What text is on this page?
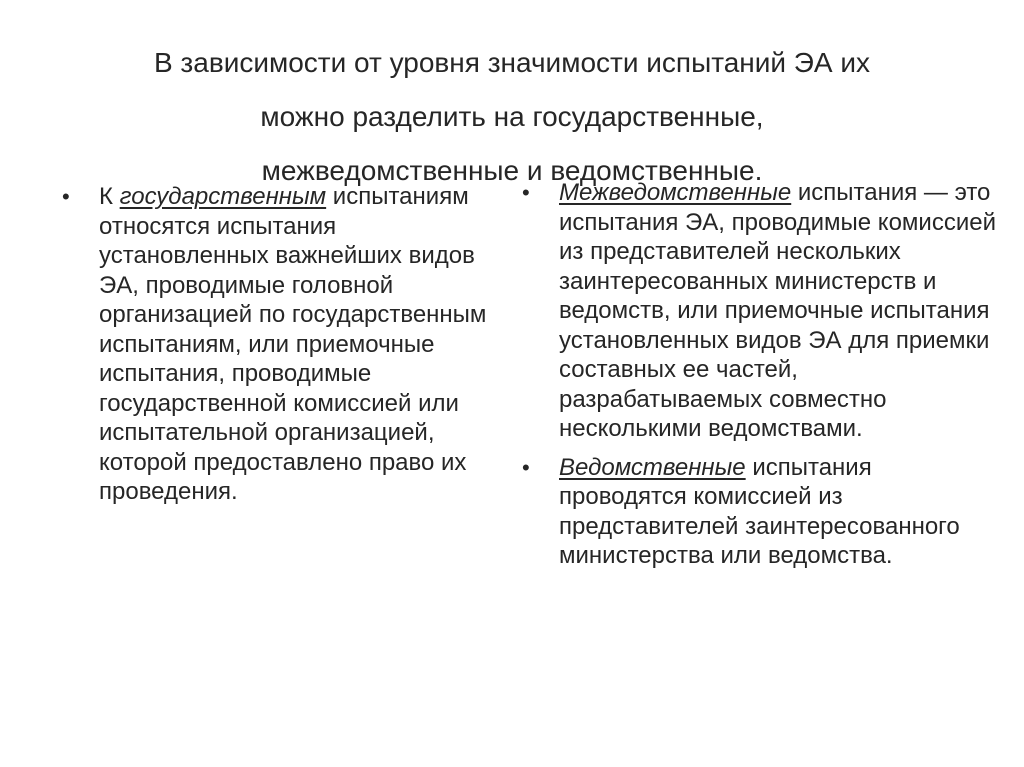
В зависимости от уровня значимости испытаний ЭА их
можно разделить на государственные,
межведомственные и ведомственные.
• К государственным испытаниям относятся испытания установленных важнейших видов ЭА, проводимые головной организацией по государственным испытаниям, или приемочные испытания, проводимые государственной комиссией или испытательной организацией, которой предоставлено право их проведения.
• Межведомственные испытания — это испытания ЭА, проводимые комиссией из представителей нескольких заинтересованных министерств и ведомств, или приемочные испытания установленных видов ЭА для приемки составных ее частей, разрабатываемых совместно несколькими ведомствами.
• Ведомственные испытания проводятся комиссией из представителей заинтересованного министерства или ведомства.
